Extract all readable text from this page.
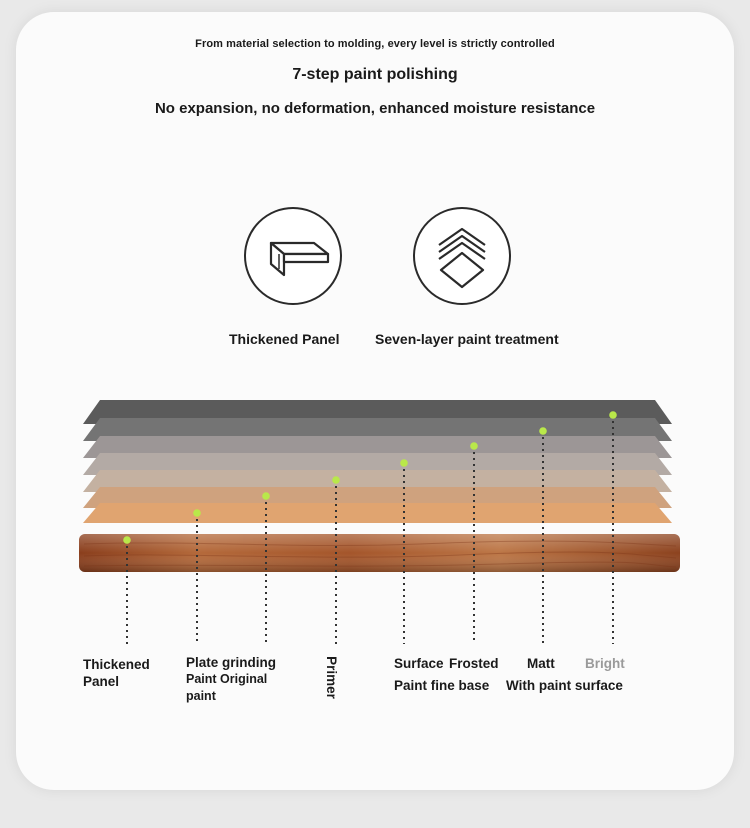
From material selection to molding, every level is strictly controlled
7-step paint polishing
No expansion, no deformation, enhanced moisture resistance
Thickened Panel	Seven-layer paint treatment
Thickened
Panel
Plate grinding
Paint Original
paint	Primer	Surface
Paint fine base
Frosted	Matt
With paint surface
Bright
